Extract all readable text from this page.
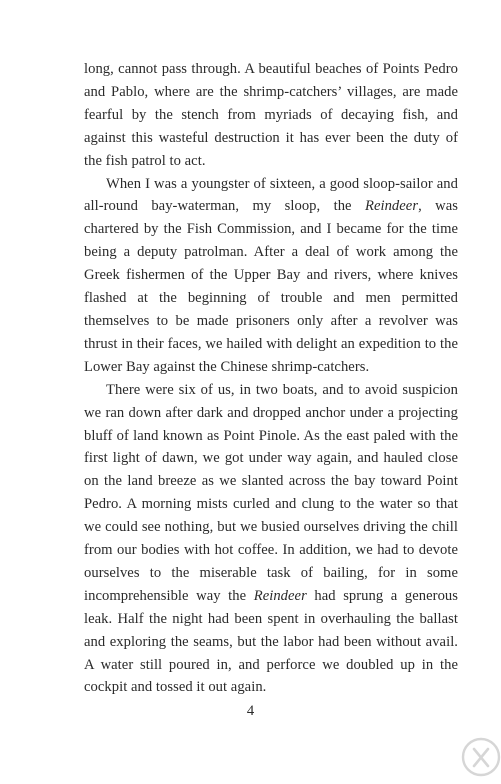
long, cannot pass through. A beautiful beaches of Points Pedro and Pablo, where are the shrimp-catchers’ villages, are made fearful by the stench from myriads of decaying fish, and against this wasteful destruction it has ever been the duty of the fish patrol to act.

When I was a youngster of sixteen, a good sloop-sailor and all-round bay-waterman, my sloop, the Reindeer, was chartered by the Fish Commission, and I became for the time being a deputy patrolman. After a deal of work among the Greek fishermen of the Upper Bay and rivers, where knives flashed at the beginning of trouble and men permitted themselves to be made prisoners only after a revolver was thrust in their faces, we hailed with delight an expedition to the Lower Bay against the Chinese shrimp-catchers.

There were six of us, in two boats, and to avoid suspicion we ran down after dark and dropped anchor under a projecting bluff of land known as Point Pinole. As the east paled with the first light of dawn, we got under way again, and hauled close on the land breeze as we slanted across the bay toward Point Pedro. A morning mists curled and clung to the water so that we could see nothing, but we busied ourselves driving the chill from our bodies with hot coffee. In addition, we had to devote ourselves to the miserable task of bailing, for in some incomprehensible way the Reindeer had sprung a generous leak. Half the night had been spent in overhauling the ballast and exploring the seams, but the labor had been without avail. A water still poured in, and perforce we doubled up in the cockpit and tossed it out again.

4
